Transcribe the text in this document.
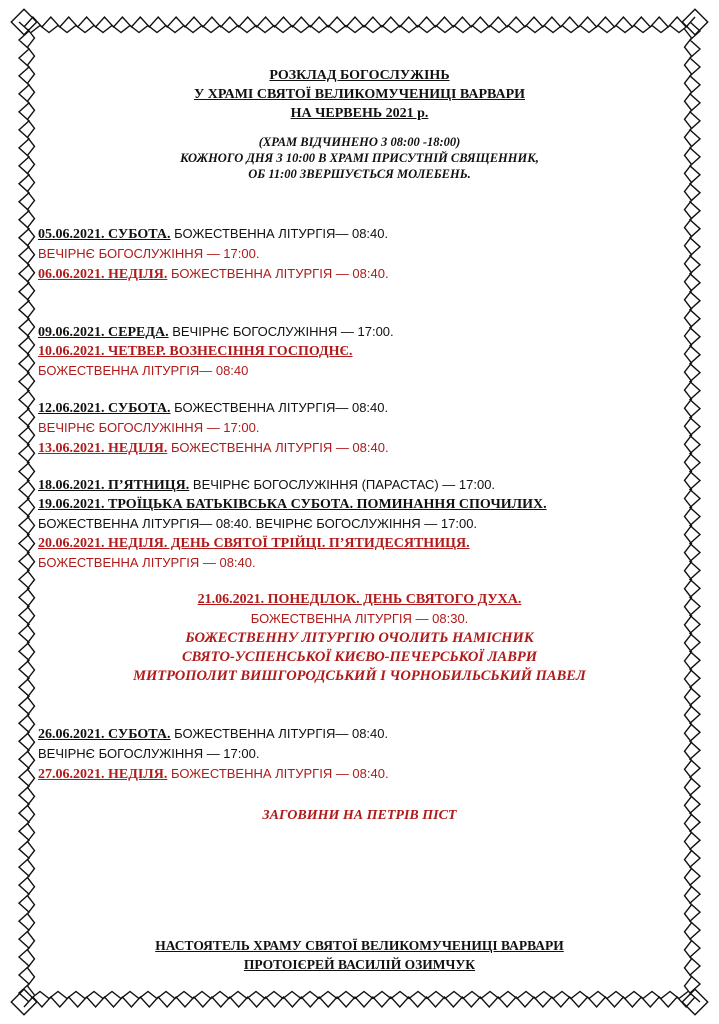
РОЗКЛАД БОГОСЛУЖІНЬ
У ХРАМІ СВЯТОЇ ВЕЛИКОМУЧЕНИЦІ ВАРВАРИ
НА ЧЕРВЕНЬ 2021 р.
(ХРАМ ВІДЧИНЕНО З 08:00 -18:00)
КОЖНОГО ДНЯ З 10:00 В ХРАМІ ПРИСУТНІЙ СВЯЩЕННИК,
ОБ 11:00 ЗВЕРШУЄТЬСЯ МОЛЕБЕНЬ.
05.06.2021. СУБОТА. БОЖЕСТВЕННА ЛІТУРГІЯ— 08:40.
ВЕЧІРНЄ БОГОСЛУЖІННЯ — 17:00.
06.06.2021. НЕДІЛЯ. БОЖЕСТВЕННА ЛІТУРГІЯ — 08:40.
09.06.2021. СЕРЕДА. ВЕЧІРНЄ БОГОСЛУЖІННЯ — 17:00.
10.06.2021. ЧЕТВЕР. ВОЗНЕСІННЯ ГОСПОДНЄ.
БОЖЕСТВЕННА ЛІТУРГІЯ— 08:40
12.06.2021. СУБОТА. БОЖЕСТВЕННА ЛІТУРГІЯ— 08:40.
ВЕЧІРНЄ БОГОСЛУЖІННЯ — 17:00.
13.06.2021. НЕДІЛЯ. БОЖЕСТВЕННА ЛІТУРГІЯ — 08:40.
18.06.2021. П’ЯТНИЦЯ. ВЕЧІРНЄ БОГОСЛУЖІННЯ (ПАРАСТАС) — 17:00.
19.06.2021. ТРОЇЦЬКА БАТЬКІВСЬКА СУБОТА. ПОМИНАННЯ СПОЧИЛИХ.
БОЖЕСТВЕННА ЛІТУРГІЯ— 08:40. ВЕЧІРНЄ БОГОСЛУЖІННЯ — 17:00.
20.06.2021. НЕДІЛЯ. ДЕНЬ СВЯТОЇ ТРІЙЦІ. П’ЯТИДЕСЯТНИЦЯ.
БОЖЕСТВЕННА ЛІТУРГІЯ — 08:40.
21.06.2021. ПОНЕДІЛОК. ДЕНЬ СВЯТОГО ДУХА.
БОЖЕСТВЕННА ЛІТУРГІЯ — 08:30.
БОЖЕСТВЕННУ ЛІТУРГІЮ ОЧОЛИТЬ НАМІСНИК
СВЯТО-УСПЕНСЬКОЇ КИЄВО-ПЕЧЕРСЬКОЇ ЛАВРИ
МИТРОПОЛИТ ВИШГОРОДСЬКИЙ І ЧОРНОБИЛЬСЬКИЙ ПАВЕЛ
26.06.2021. СУБОТА. БОЖЕСТВЕННА ЛІТУРГІЯ— 08:40.
ВЕЧІРНЄ БОГОСЛУЖІННЯ — 17:00.
27.06.2021. НЕДІЛЯ. БОЖЕСТВЕННА ЛІТУРГІЯ — 08:40.
ЗАГОВИНИ НА ПЕТРІВ ПІСТ
НАСТОЯТЕЛЬ ХРАМУ СВЯТОЇ ВЕЛИКОМУЧЕНИЦІ ВАРВАРИ
ПРОТОІЄРЕЙ ВАСИЛІЙ ОЗИМЧУК
